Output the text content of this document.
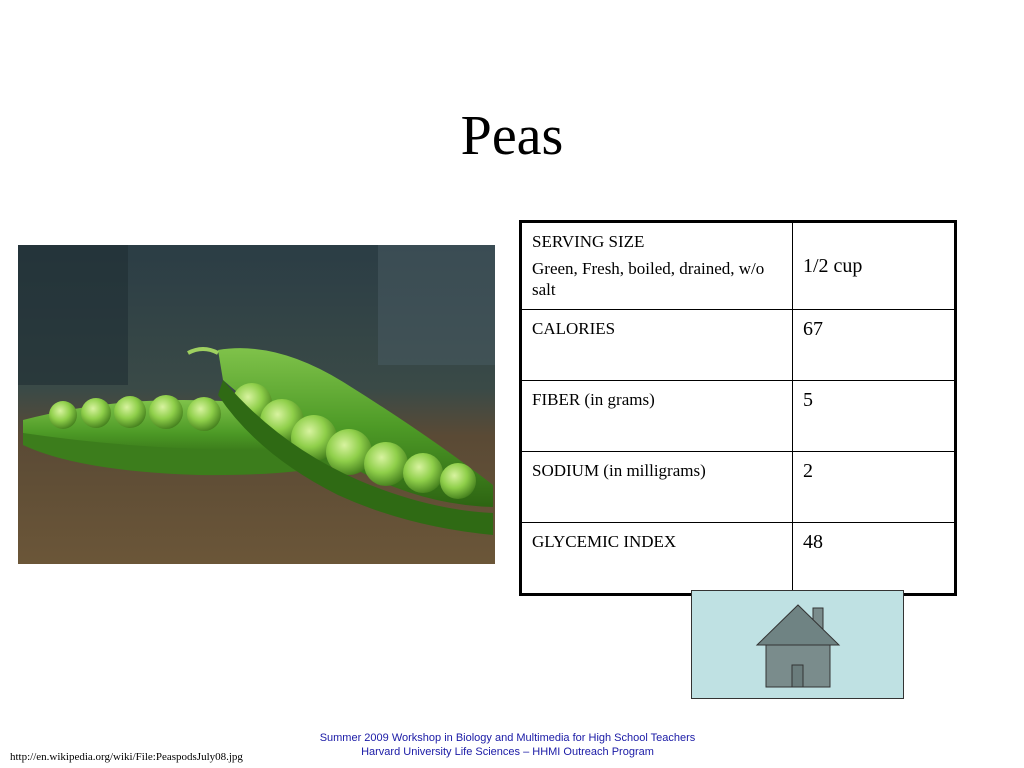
Peas
SERVING SIZE
Green, Fresh, boiled, drained, w/o salt	1/2 cup
CALORIES	67
FIBER (in grams)	5
SODIUM (in milligrams)	2
GLYCEMIC INDEX	48
Summer 2009 Workshop in Biology and Multimedia for High School Teachers
Harvard University Life Sciences – HHMI Outreach Program
http://en.wikipedia.org/wiki/File:PeaspodsJuly08.jpg
